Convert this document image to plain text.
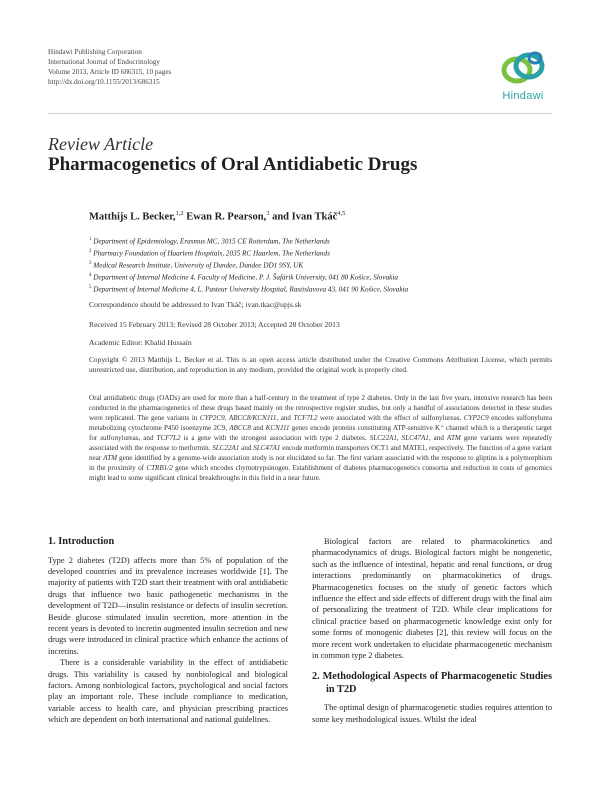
Hindawi Publishing Corporation
International Journal of Endocrinology
Volume 2013, Article ID 686315, 10 pages
http://dx.doi.org/10.1155/2013/686315
Hindawi
Review Article
Pharmacogenetics of Oral Antidiabetic Drugs
Matthijs L. Becker,$^{1,2}$ Ewan R. Pearson,$^3$ and Ivan Tkáč$^{4,5}$
$^1$ Department of Epidemiology, Erasmus MC, 3015 CE Rotterdam, The Netherlands
$^2$ Pharmacy Foundation of Haarlem Hospitals, 2035 RC Haarlem, The Netherlands
$^3$ Medical Research Institute, University of Dundee, Dundee DD1 9SY, UK
$^4$ Department of Internal Medicine 4, Faculty of Medicine, P. J. Šafárik University, 041 80 Košice, Slovakia
$^5$ Department of Internal Medicine 4, L. Pasteur University Hospital, Rastislavova 43, 041 90 Košice, Slovakia
Correspondence should be addressed to Ivan Tkáč; ivan.tkac@upjs.sk
Received 15 February 2013; Revised 28 October 2013; Accepted 28 October 2013
Academic Editor: Khalid Hussain
Copyright © 2013 Matthijs L. Becker et al. This is an open access article distributed under the Creative Commons Attribution License, which permits unrestricted use, distribution, and reproduction in any medium, provided the original work is properly cited.
Oral antidiabetic drugs (OADs) are used for more than a half-century in the treatment of type 2 diabetes. Only in the last five years, intensive research has been conducted in the pharmacogenetics of these drugs based mainly on the retrospective register studies, but only a handful of associations detected in these studies were replicated. The gene variants in CYP2C9, ABCC8/KCNJ11, and TCF7L2 were associated with the effect of sulfonylureas. CYP2C9 encodes sulfonylurea metabolizing cytochrome P450 isoenzyme 2C9, ABCC8 and KCNJ11 genes encode proteins constituting ATP-sensitive K⁺ channel which is a therapeutic target for sulfonylureas, and TCF7L2 is a gene with the strongest association with type 2 diabetes. SLC22A1, SLC47A1, and ATM gene variants were repeatedly associated with the response to metformin. SLC22A1 and SLC47A1 encode metformin transporters OCT1 and MATE1, respectively. The function of a gene variant near ATM gene identified by a genome-wide association study is not elucidated so far. The first variant associated with the response to gliptins is a polymorphism in the proximity of CTRB1/2 gene which encodes chymotrypsinogen. Establishment of diabetes pharmacogenetics consortia and reduction in costs of genomics might lead to some significant clinical breakthroughs in this field in a near future.
1. Introduction

Type 2 diabetes (T2D) affects more than 5% of population of the developed countries and its prevalence increases worldwide [1]. The majority of patients with T2D start their treatment with oral antidiabetic drugs that influence two basic pathogenetic mechanisms in the development of T2D—insulin resistance or defects of insulin secretion. Beside glucose stimulated insulin secretion, more attention in the recent years is devoted to incretin augmented insulin secretion and new drugs were introduced in clinical practice which enhance the actions of incretins.

There is a considerable variability in the effect of antidiabetic drugs. This variability is caused by nonbiological and biological factors. Among nonbiological factors, psychological and social factors play an important role. These include compliance to medication, variable access to health care, and physician prescribing practices which are dependent on both international and national guidelines.

Biological factors are related to pharmacokinetics and pharmacodynamics of drugs. Biological factors might be nongenetic, such as the influence of intestinal, hepatic and renal functions, or drug interactions predominantly on pharmacokinetics of drugs. Pharmacogenetics focuses on the study of genetic factors which influence the effect and side effects of different drugs with the final aim of personalizing the treatment of T2D. While clear implications for clinical practice based on pharmacogenetic knowledge exist only for some forms of monogenic diabetes [2], this review will focus on the more recent work undertaken to elucidate pharmacogenetic mechanism in common type 2 diabetes.

2. Methodological Aspects of Pharmacogenetic Studies in T2D

The optimal design of pharmacogenetic studies requires attention to some key methodological issues. Whilst the ideal
